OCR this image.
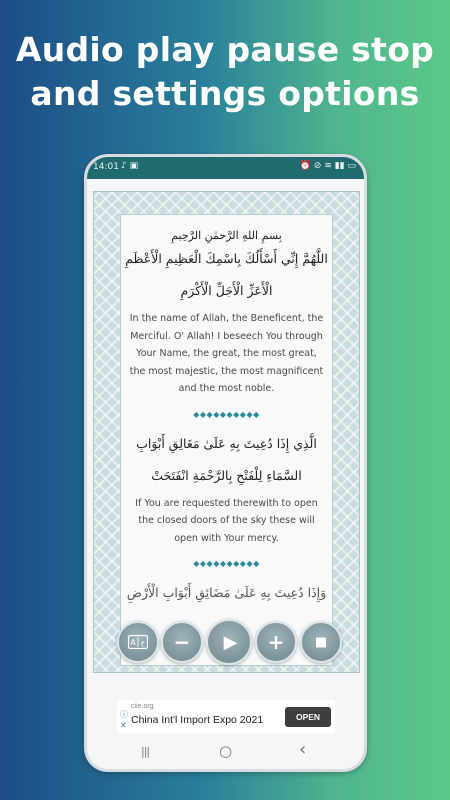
Audio play pause stop
and settings options
14:01 ♪ ▣	⏰ ⊘ ≋ ▮▮ ▭
بِسمِ اللهِ الرَّحمٰنِ الرَّحِيمِ
اللَّهُمَّ إِنِّي أَسْأَلُكَ بِاسْمِكَ الْعَظِيمِ الْأَعْظَمِ
الْأَعَزِّ الْأَجَلِّ الْأَكْرَمِ
In the name of Allah, the Beneficent, the Merciful. O' Allah! I beseech You through Your Name, the great, the most great, the most majestic, the most magnificent and the most noble.
◆◆◆◆◆◆◆◆◆◆
الَّذِي إِذَا دُعِيتَ بِهِ عَلَىٰ مَغَالِقِ أَبْوَابِ
السَّمَاءِ لِلْفَتْحِ بِالرَّحْمَةِ انْفَتَحَتْ
If You are requested therewith to open the closed doors of the sky these will open with Your mercy.
◆◆◆◆◆◆◆◆◆◆
وَإِذَا دُعِيتَ بِهِ عَلَىٰ مَضَائِقِ أَبْوَابِ الْأَرْضِ
A ع − ▶ + ■
ⓘ
✕
ciie.org
China Int'l Import Expo 2021	OPEN
|||	○	‹
